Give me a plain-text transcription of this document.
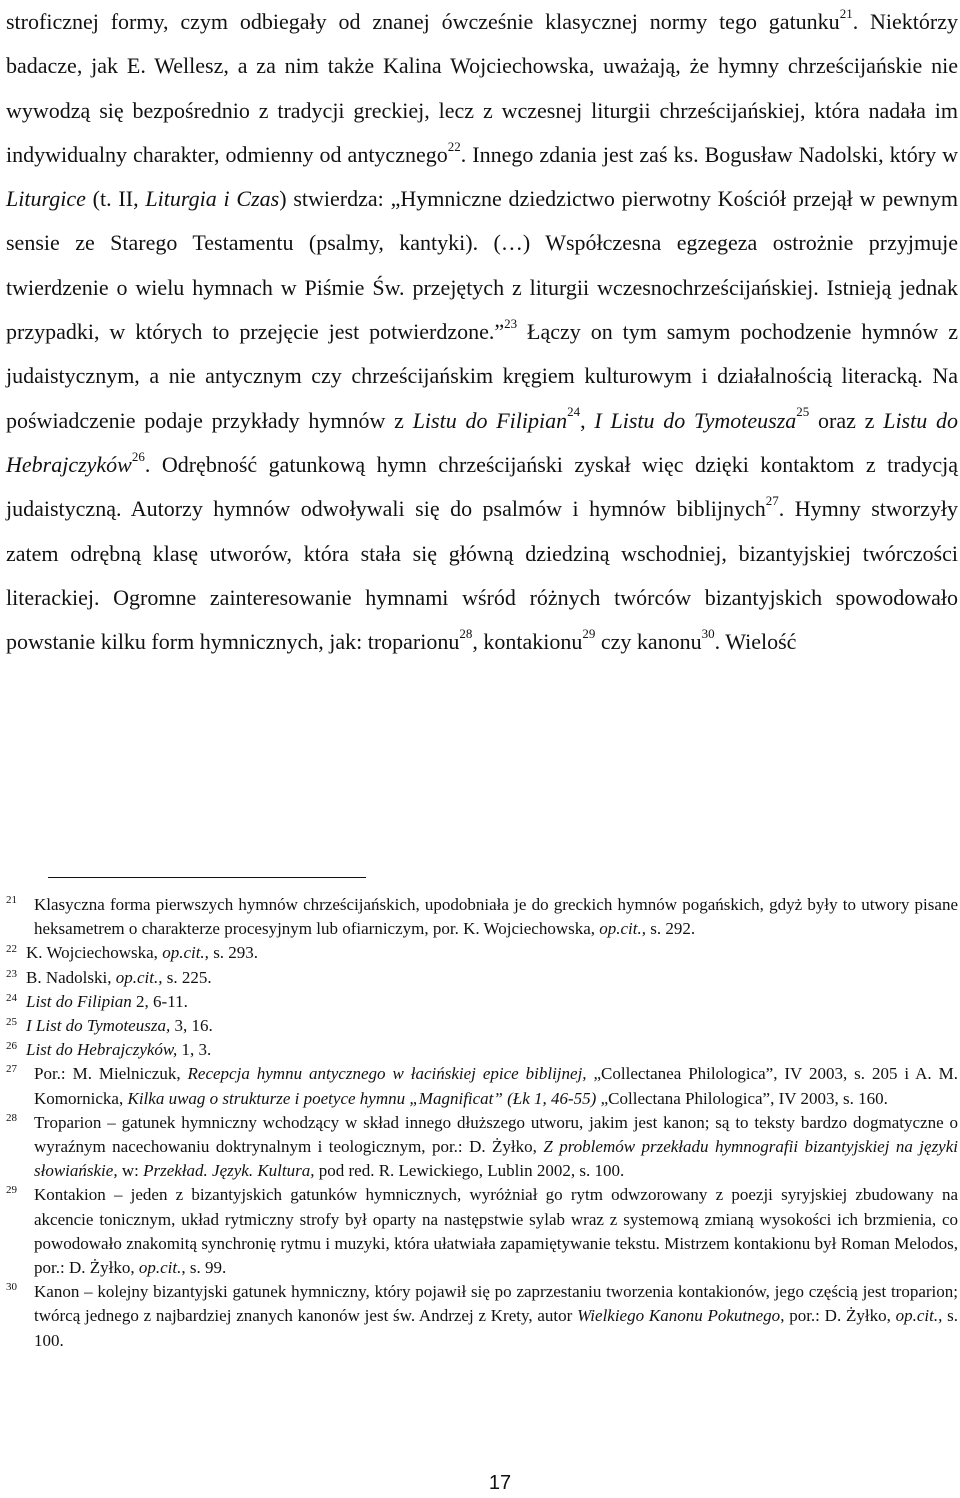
stroficznej formy, czym odbiegały od znanej ówcześnie klasycznej normy tego gatunku$^{21}$. Niektórzy badacze, jak E. Wellesz, a za nim także Kalina Wojciechowska, uważają, że hymny chrześcijańskie nie wywodzą się bezpośrednio z tradycji greckiej, lecz z wczesnej liturgii chrześcijańskiej, która nadała im indywidualny charakter, odmienny od antycznego$^{22}$. Innego zdania jest zaś ks. Bogusław Nadolski, który w Liturgice (t. II, Liturgia i Czas) stwierdza: „Hymniczne dziedzictwo pierwotny Kościół przejął w pewnym sensie ze Starego Testamentu (psalmy, kantyki). (…) Współczesna egzegeza ostrożnie przyjmuje twierdzenie o wielu hymnach w Piśmie Św. przejętych z liturgii wczesnochrześcijańskiej. Istnieją jednak przypadki, w których to przejęcie jest potwierdzone.”$^{23}$ Łączy on tym samym pochodzenie hymnów z judaistycznym, a nie antycznym czy chrześcijańskim kręgiem kulturowym i działalnością literacką. Na poświadczenie podaje przykłady hymnów z Listu do Filipian$^{24}$, I Listu do Tymoteusza$^{25}$ oraz z Listu do Hebrajczyków$^{26}$. Odrębność gatunkową hymn chrześcijański zyskał więc dzięki kontaktom z tradycją judaistyczną. Autorzy hymnów odwoływali się do psalmów i hymnów biblijnych$^{27}$. Hymny stworzyły zatem odrębną klasę utworów, która stała się główną dziedziną wschodniej, bizantyjskiej twórczości literackiej. Ogromne zainteresowanie hymnami wśród różnych twórców bizantyjskich spowodowało powstanie kilku form hymnicznych, jak: troparionu$^{28}$, kontakionu$^{29}$ czy kanonu$^{30}$. Wielość

21 Klasyczna forma pierwszych hymnów chrześcijańskich, upodobniała je do greckich hymnów pogańskich, gdyż były to utwory pisane heksametrem o charakterze procesyjnym lub ofiarniczym, por. K. Wojciechowska, op.cit., s. 292.

22 K. Wojciechowska, op.cit., s. 293.

23 B. Nadolski, op.cit., s. 225.

24 List do Filipian 2, 6-11.

25 I List do Tymoteusza, 3, 16.

26 List do Hebrajczyków, 1, 3.

27 Por.: M. Mielniczuk, Recepcja hymnu antycznego w łacińskiej epice biblijnej, „Collectanea Philologica”, IV 2003, s. 205 i A. M. Komornicka, Kilka uwag o strukturze i poetyce hymnu „Magnificat” (Łk 1, 46-55) „Collectana Philologica”, IV 2003, s. 160.

28 Troparion – gatunek hymniczny wchodzący w skład innego dłuższego utworu, jakim jest kanon; są to teksty bardzo dogmatyczne o wyraźnym nacechowaniu doktrynalnym i teologicznym, por.: D. Żyłko, Z problemów przekładu hymnografii bizantyjskiej na języki słowiańskie, w: Przekład. Język. Kultura, pod red. R. Lewickiego, Lublin 2002, s. 100.

29 Kontakion – jeden z bizantyjskich gatunków hymnicznych, wyróżniał go rytm odwzorowany z poezji syryjskiej zbudowany na akcencie tonicznym, układ rytmiczny strofy był oparty na następstwie sylab wraz z systemową zmianą wysokości ich brzmienia, co powodowało znakomitą synchronię rytmu i muzyki, która ułatwiała zapamiętywanie tekstu. Mistrzem kontakionu był Roman Melodos, por.: D. Żyłko, op.cit., s. 99.

30 Kanon – kolejny bizantyjski gatunek hymniczny, który pojawił się po zaprzestaniu tworzenia kontakionów, jego częścią jest troparion; twórcą jednego z najbardziej znanych kanonów jest św. Andrzej z Krety, autor Wielkiego Kanonu Pokutnego, por.: D. Żyłko, op.cit., s. 100.

17
